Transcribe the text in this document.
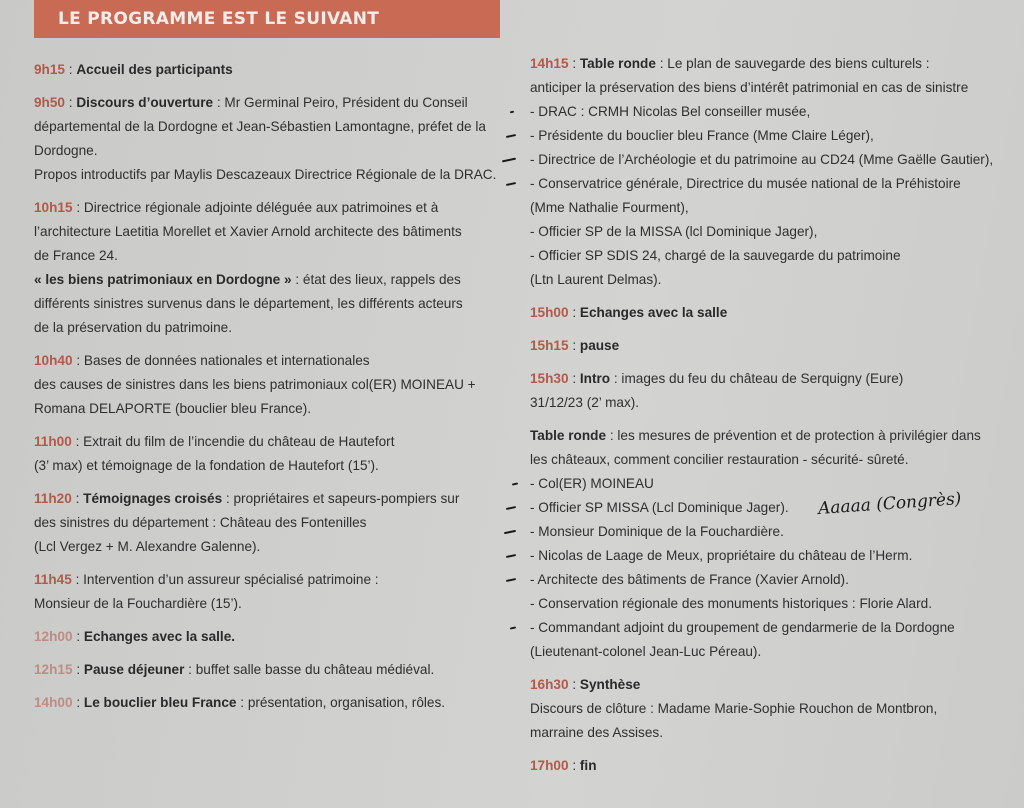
LE PROGRAMME EST LE SUIVANT
9h15 : Accueil des participants
9h50 : Discours d’ouverture : Mr Germinal Peiro, Président du Conseil
départemental de la Dordogne et Jean-Sébastien Lamontagne, préfet de la
Dordogne.
Propos introductifs par Maylis Descazeaux Directrice Régionale de la DRAC.
10h15 : Directrice régionale adjointe déléguée aux patrimoines et à
l’architecture Laetitia Morellet et Xavier Arnold architecte des bâtiments
de France 24.
« les biens patrimoniaux en Dordogne » : état des lieux, rappels des
différents sinistres survenus dans le département, les différents acteurs
de la préservation du patrimoine.
10h40 : Bases de données nationales et internationales
des causes de sinistres dans les biens patrimoniaux col(ER) MOINEAU +
Romana DELAPORTE (bouclier bleu France).
11h00 : Extrait du film de l’incendie du château de Hautefort
(3’ max) et témoignage de la fondation de Hautefort (15’).
11h20 : Témoignages croisés : propriétaires et sapeurs-pompiers sur
des sinistres du département : Château des Fontenilles
(Lcl Vergez + M. Alexandre Galenne).
11h45 : Intervention d’un assureur spécialisé patrimoine :
Monsieur de la Fouchardière (15’).
12h00 : Echanges avec la salle.
12h15 : Pause déjeuner : buffet salle basse du château médiéval.
14h00 : Le bouclier bleu France : présentation, organisation, rôles.
14h15 : Table ronde : Le plan de sauvegarde des biens culturels :
anticiper la préservation des biens d’intérêt patrimonial en cas de sinistre
- DRAC : CRMH Nicolas Bel conseiller musée,
- Présidente du bouclier bleu France (Mme Claire Léger),
- Directrice de l’Archéologie et du patrimoine au CD24 (Mme Gaëlle Gautier),
- Conservatrice générale, Directrice du musée national de la Préhistoire
(Mme Nathalie Fourment),
- Officier SP de la MISSA (lcl Dominique Jager),
- Officier SP SDIS 24, chargé de la sauvegarde du patrimoine
(Ltn Laurent Delmas).
15h00 : Echanges avec la salle
15h15 : pause
15h30 : Intro : images du feu du château de Serquigny (Eure)
31/12/23 (2’ max).
Table ronde : les mesures de prévention et de protection à privilégier dans
les châteaux, comment concilier restauration - sécurité- sûreté.
- Col(ER) MOINEAU
- Officier SP MISSA (Lcl Dominique Jager).
- Monsieur Dominique de la Fouchardière.
- Nicolas de Laage de Meux, propriétaire du château de l’Herm.
- Architecte des bâtiments de France (Xavier Arnold).
- Conservation régionale des monuments historiques : Florie Alard.
- Commandant adjoint du groupement de gendarmerie de la Dordogne
(Lieutenant-colonel Jean-Luc Péreau).
16h30 : Synthèse
Discours de clôture : Madame Marie-Sophie Rouchon de Montbron,
marraine des Assises.
17h00 : fin
Aaaaa (Congrès)
